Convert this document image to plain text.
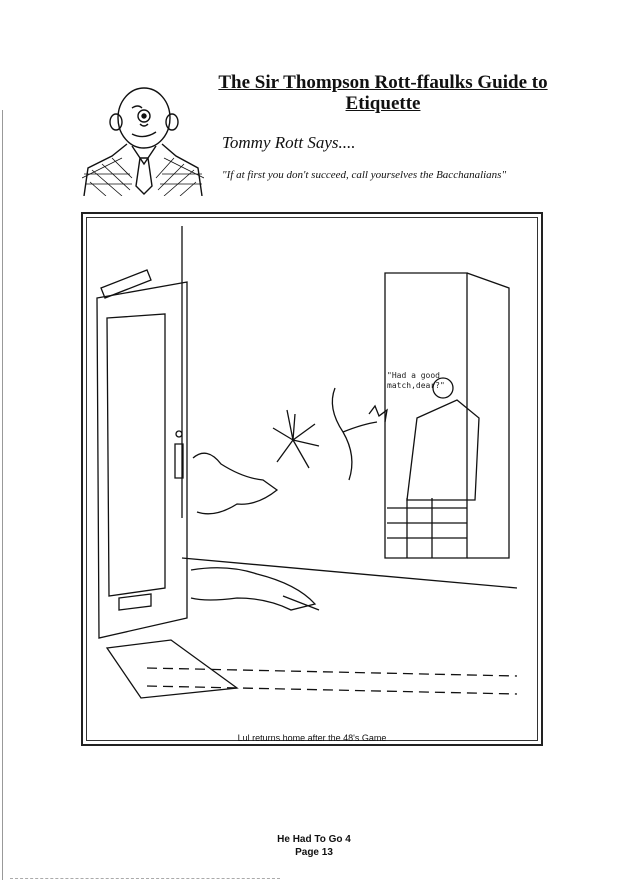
The Sir Thompson Rott-ffaulks Guide to Etiquette
Tommy Rott Says....
"If at first you don't succeed, call yourselves the Bacchanalians"
"Had a good
match,dear?"
Lul returns home after the 48's Game
He Had To Go 4
Page 13
